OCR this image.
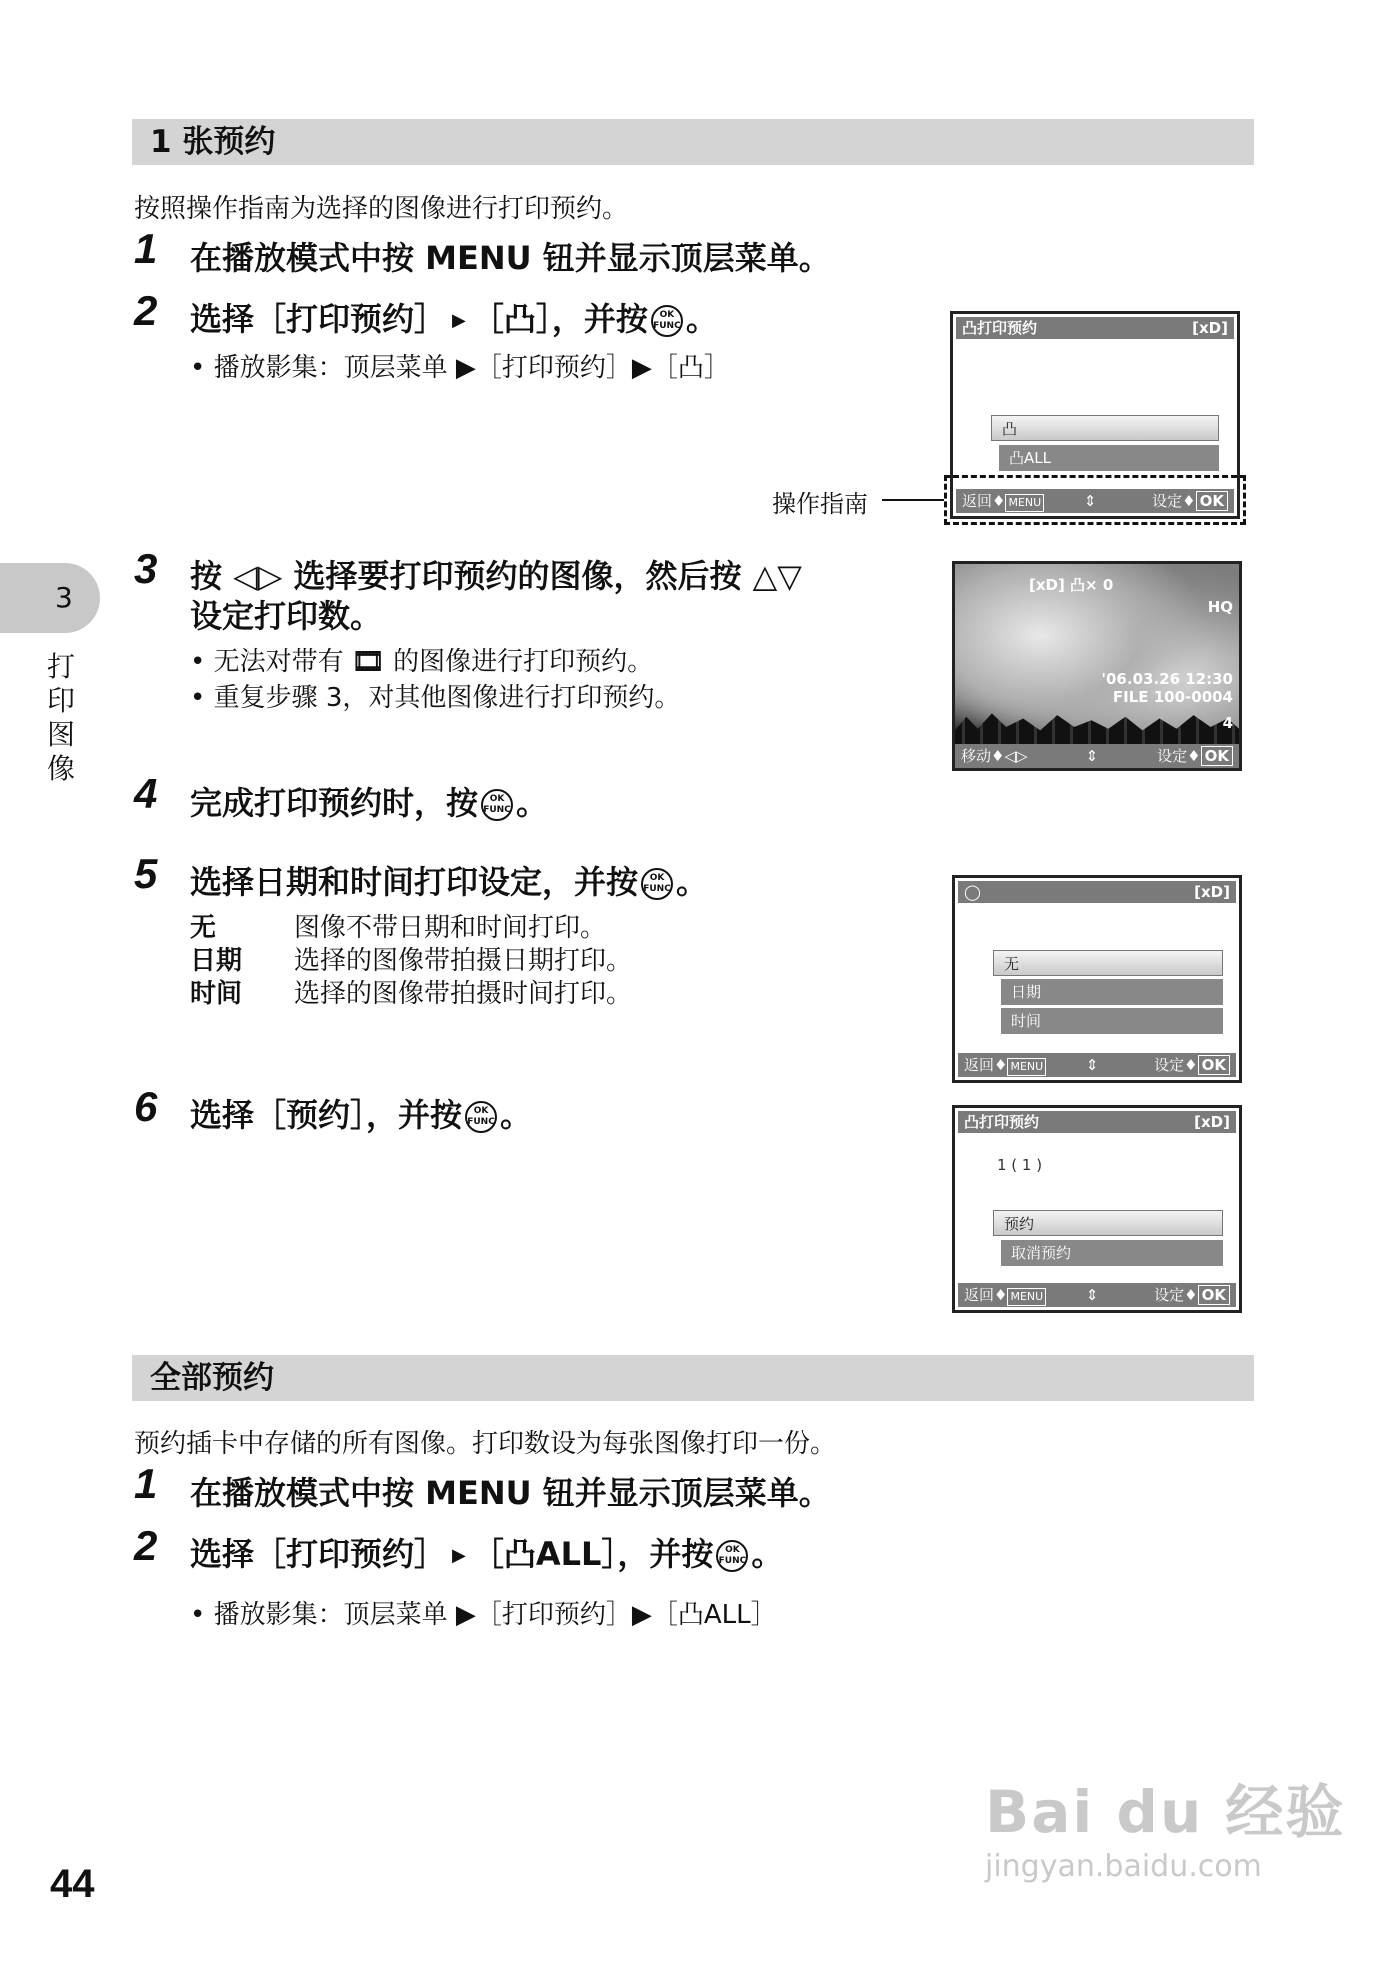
1 张预约
按照操作指南为选择的图像进行打印预约。
1 在播放模式中按 MENU 钮并显示顶层菜单。
2 选择［打印预约］ ▶ ［凸］，并按 OK
FUNC 。
• 播放影集：顶层菜单 ▶［打印预约］▶［凸］
凸打印预约	[xD]
凸
凸ALL
返回♦ MENU	⇕	设定♦ OK
操作指南
3 按 ◁▷ 选择要打印预约的图像，然后按 △▽
设定打印数。
• 无法对带有 🎞 的图像进行打印预约。
• 重复步骤 3，对其他图像进行打印预约。
[xD] 凸× 0
HQ
'06.03.26 12:30
FILE 100-0004
4
移动♦◁▷	⇕	设定♦ OK
4 完成打印预约时，按 OK
FUNC 。
5 选择日期和时间打印设定，并按 OK
FUNC 。
无	图像不带日期和时间打印。
日期 选择的图像带拍摄日期打印。
时间 选择的图像带拍摄时间打印。
◯	[xD]
无
日期
时间
返回♦ MENU	⇕	设定♦ OK
6 选择［预约］，并按 OK
FUNC 。	凸打印预约	[xD]
1 ( 1 )
预约
取消预约
返回♦ MENU	⇕	设定♦ OK
全部预约
预约插卡中存储的所有图像。打印数设为每张图像打印一份。
1 在播放模式中按 MENU 钮并显示顶层菜单。
2 选择［打印预约］ ▶ ［凸ALL］，并按 OK
FUNC 。
• 播放影集：顶层菜单 ▶［打印预约］▶［凸ALL］
3
打印图像
44
Bai du 经验
jingyan.baidu.com
